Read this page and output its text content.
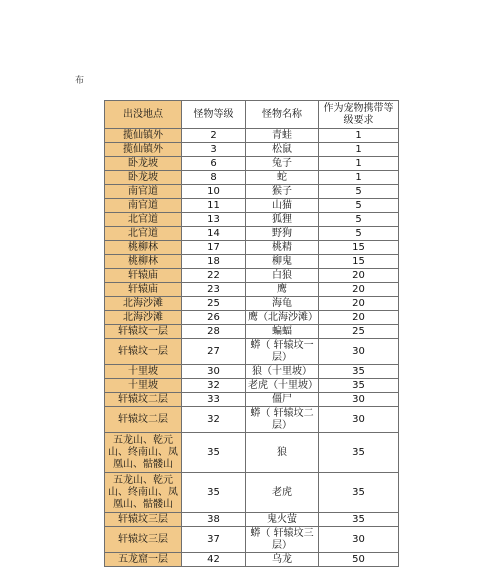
布
出没地点	怪物等级	怪物名称	作为宠物携带等级要求
揽仙镇外	2	青蛙	1
揽仙镇外	3	松鼠	1
卧龙坡	6	兔子	1
卧龙坡	8	蛇	1
南官道	10	猴子	5
南官道	11	山猫	5
北官道	13	狐狸	5
北官道	14	野狗	5
桃柳林	17	桃精	15
桃柳林	18	柳鬼	15
轩辕庙	22	白狼	20
轩辕庙	23	鹰	20
北海沙滩	25	海龟	20
北海沙滩	26	鹰（北海沙滩）	20
轩辕坟一层	28	蝙蝠	25
轩辕坟一层	27	蟒（ 轩辕坟一层）	30
十里坡	30	狼（十里坡）	35
十里坡	32	老虎（十里坡）	35
轩辕坟二层	33	僵尸	30
轩辕坟二层	32	蟒（ 轩辕坟二层）	30
五龙山、乾元山、终南山、凤凰山、骷髅山	35	狼	35
五龙山、乾元山、终南山、凤凰山、骷髅山	35	老虎	35
轩辕坟三层	38	鬼火萤	35
轩辕坟三层	37	蟒（ 轩辕坟三层）	30
五龙窟一层	42	乌龙	50
